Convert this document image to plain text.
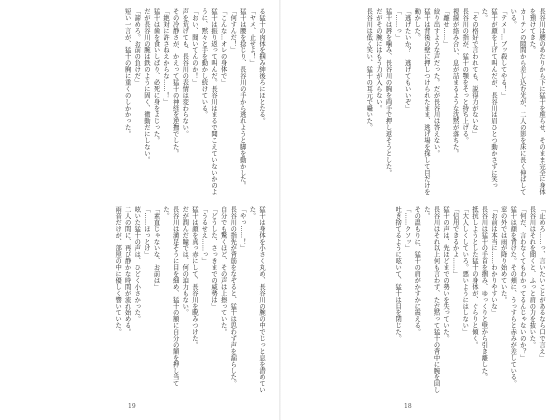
長谷川は腰のあたりから下に猛十を座らせ、そのまま完全に身体を預けてきた。

カーテンの隙間から差し込む光が、二人の影を床に長く伸ばしている。

「テメー…ブッ殺してやる！」

猛十が顔を上げて叫んだが、長谷川は眉ひとつ動かさずに笑った。

「その格好で言われても、説得力がないな」

長谷川の指が、猛十の顎をそっと持ち上げる。

視線が絡み合い、息が詰まるような沈黙が落ちた。

「離せ……」

絞り出すような声だった。だが長谷川は答えない。

猛十は背後の壁に押しつけられたまま、逃げ場を探して目だけを動かした。

「逃げたいか？　逃げてもいいぞ」

「……っ」

猛十は唇を噛み、長谷川の胸を両手で押し返そうとした。

だがその腕にはもう力が入らない。

長谷川は低く笑い、猛十の耳元で囁いた。

「止めろ……っ、言いたいことがあるなら口で言え」

長谷川はそれを聞くと、ふっと肩の力を抜いた。

「何だ、言わなくてもわかってるんじゃないのか？」

猛十は顔を背けた。その頬に、うっすらと赤みが差している。

窓の外では雨が降り始めていた。

「お前は本当に……わかりやすいな」

長谷川は猛十の手首を掴み、ゆっくりと壁から引き離した。

抵抗しようとした猛十の身体が、ぐらりと傾く。

「大人しくしていろ。悪いようにはしない」

「信用できるかよ……」

猛十の声は、先ほどまでの勢いを失っていた。

長谷川はそれ以上何も言わず、ただ黙って猛十の背中に腕を回した。

その温もりに、猛十の肩がかすかに震える。

「……クソッ」

吐き捨てるように呟いて、猛十は目を閉じた。

る猛十の肉体を掴み紳後ろにほとたる。

「ヤメ、止せよ！」

猛十は腰を捻じり、長谷川の手から逃れようと脚を動かした。

「何すんだ！」

「こんな…オレの身体で」

猛十は振り返って叫んだ。長谷川はまるで聞こえていないかのように、黙々と手を動かし続けている。

「おい、聞いてんのか！」

声を荒げても、長谷川の表情は変わらない。

その冷静さが、かえって猛十の神経を逆撫でした。

「絶対に許さねえからな……！」

猛十は歯を食いしばり、必死に身をよじった。

だが長谷川の腕は鉄のように固く、微動だにしない。

「諦めろ。お前の負けだ」

短い一言が、猛十の胸に重くのしかかった。

猛十は身体を小さく丸め、長谷川の腕の中でじっと息を潜めていた。

「やっ……！」

長谷川の指先が背筋をなぞると、猛十は思わず声を漏らした。

自分でも驚くほど、その声は上擦っていた。

「どうした、さっきまでの威勢は」

「うるせえ……っ」

猛十は顔を真っ赤にして、長谷川を睨みつけた。

だが潤んだ瞳では、何の迫力もない。

長谷川は満足そうに目を細め、猛十の額に自分の額を押し当てた。

「素直じゃないな、お前は」

「……ほっとけ」

呟いた猛十の声は、ひどく小さかった。

二人の間に、再び静かな時間が流れ始める。

雨音だけが、部屋の中に優しく響いていた。

19	18
